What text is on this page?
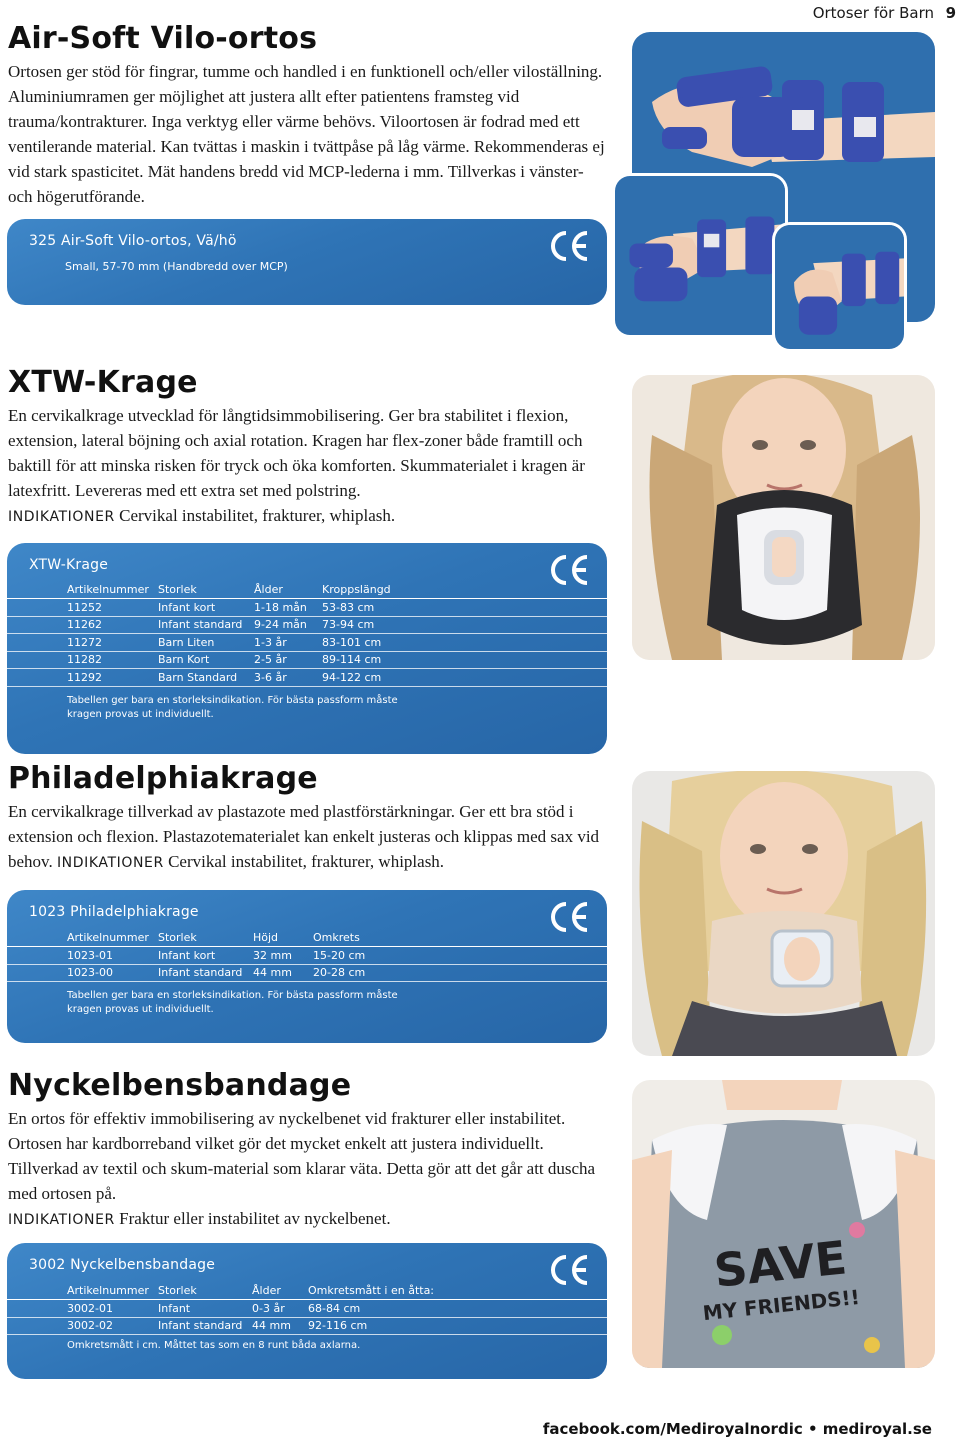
Ortoser för Barn 9
Air-Soft Vilo-ortos

Ortosen ger stöd för fingrar, tumme och handled i en funktionell och/eller viloställning. Aluminiumramen ger möjlighet att justera allt efter patientens framsteg vid trauma/kontrakturer. Inga verktyg eller värme behövs. Viloortosen är fodrad med ett ventilerande material. Kan tvättas i maskin i tvättpåse på låg värme. Rekommenderas ej vid stark spasticitet. Mät handens bredd vid MCP-lederna i mm. Tillverkas i vänster- och högerutförande.

325 Air-Soft Vilo-ortos, Vä/hö
Small, 57-70 mm (Handbredd over MCP)
XTW-Krage

En cervikalkrage utvecklad för långtidsimmobilisering. Ger bra stabilitet i flexion, extension, lateral böjning och axial rotation. Kragen har flex-zoner både framtill och baktill för att minska risken för tryck och öka komforten. Skummaterialet i kragen är latexfritt. Levereras med ett extra set med polstring.
INDIKATIONER Cervikal instabilitet, frakturer, whiplash.

XTW-Krage
Artikelnummer	Storlek	Ålder	Kroppslängd
11252	Infant kort	1-18 mån	53-83 cm
11262	Infant standard	9-24 mån	73-94 cm
11272	Barn Liten	1-3 år	83-101 cm
11282	Barn Kort	2-5 år	89-114 cm
11292	Barn Standard	3-6 år	94-122 cm
Tabellen ger bara en storleksindikation. För bästa passform måste kragen provas ut individuellt.
Philadelphiakrage

En cervikalkrage tillverkad av plastazote med plastförstärkningar. Ger ett bra stöd i extension och flexion. Plastazotematerialet kan enkelt justeras och klippas med sax vid behov. INDIKATIONER Cervikal instabilitet, frakturer, whiplash.

1023 Philadelphiakrage
Artikelnummer	Storlek	Höjd	Omkrets
1023-01	Infant kort	32 mm	15-20 cm
1023-00	Infant standard	44 mm	20-28 cm
Tabellen ger bara en storleksindikation. För bästa passform måste kragen provas ut individuellt.
Nyckelbensbandage

En ortos för effektiv immobilisering av nyckelbenet vid frakturer eller instabilitet. Ortosen har kardborreband vilket gör det mycket enkelt att justera individuellt. Tillverkad av textil och skum-material som klarar väta. Detta gör att det går att duscha med ortosen på.
INDIKATIONER Fraktur eller instabilitet av nyckelbenet.

3002 Nyckelbensbandage
Artikelnummer	Storlek	Ålder	Omkretsmått i en åtta:
3002-01	Infant	0-3 år	68-84 cm
3002-02	Infant standard	44 mm	92-116 cm
Omkretsmått i cm. Måttet tas som en 8 runt båda axlarna.
SAVE
MY FRIENDS!!
facebook.com/Mediroyalnordic • mediroyal.se
